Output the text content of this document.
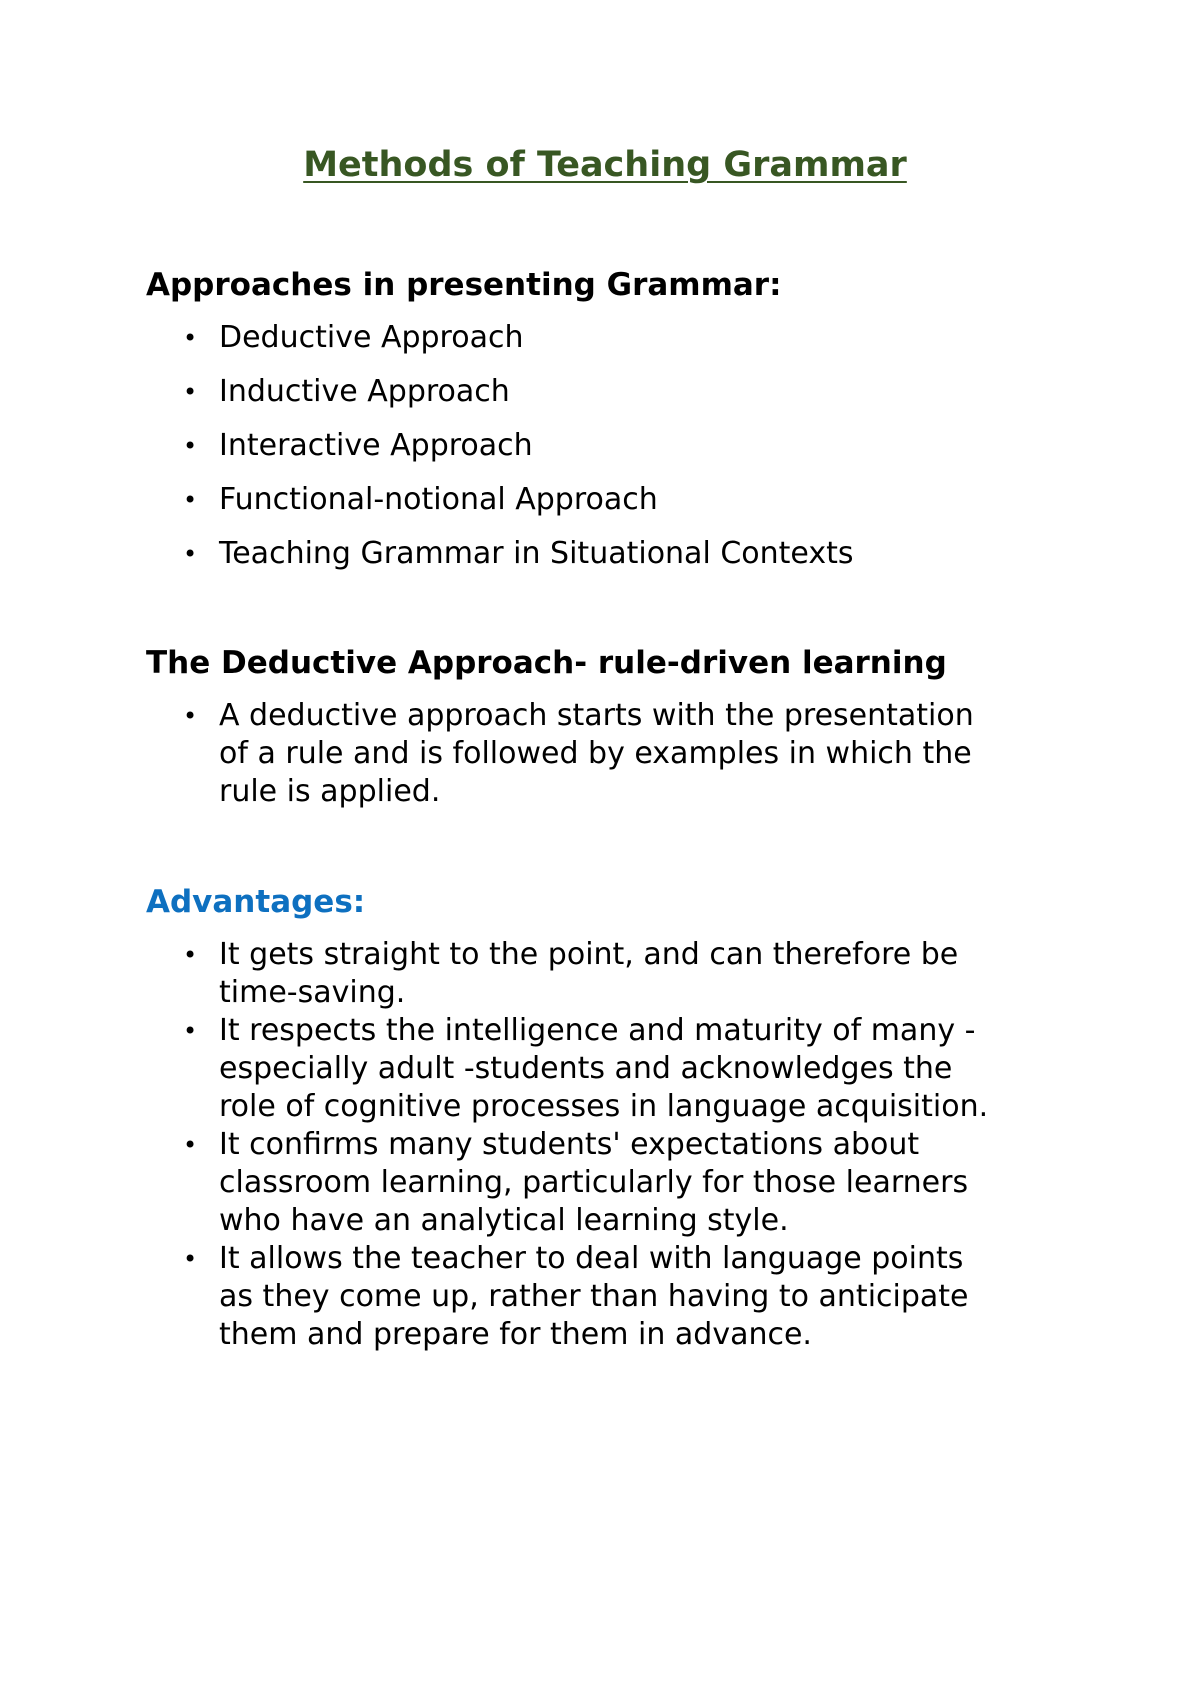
Methods of Teaching Grammar
Approaches in presenting Grammar:
• Deductive Approach
• Inductive Approach
• Interactive Approach
• Functional-notional Approach
• Teaching Grammar in Situational Contexts
The Deductive Approach- rule-driven learning
• A deductive approach starts with the presentation
of a rule and is followed by examples in which the
rule is applied.
Advantages:
• It gets straight to the point, and can therefore be
time-saving.
• It respects the intelligence and maturity of many -
especially adult -students and acknowledges the
role of cognitive processes in language acquisition.
• It confirms many students' expectations about
classroom learning, particularly for those learners
who have an analytical learning style.
• It allows the teacher to deal with language points
as they come up, rather than having to anticipate
them and prepare for them in advance.
